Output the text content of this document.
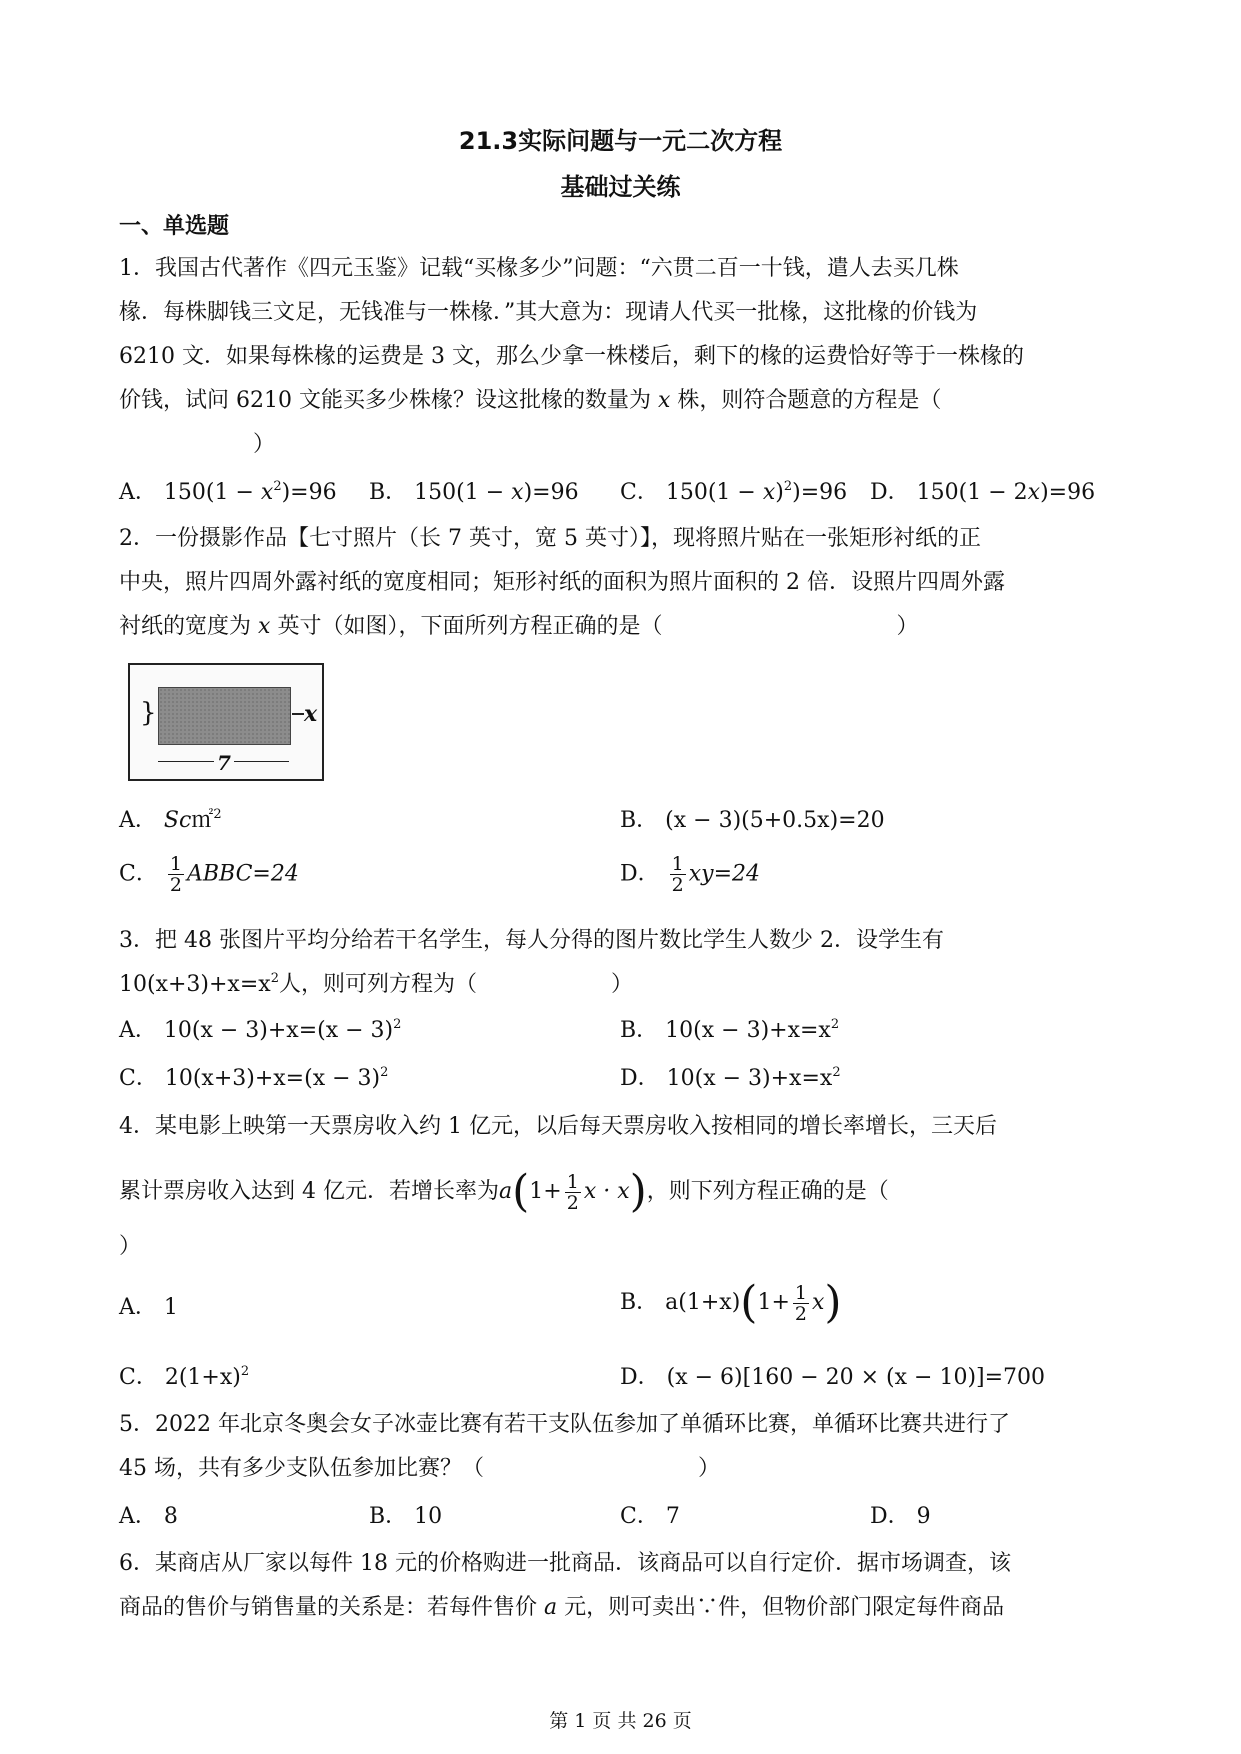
21.3实际问题与一元二次方程
基础过关练
一、单选题
1．我国古代著作《四元玉鉴》记载“买椽多少”问题：“六贯二百一十钱，遣人去买几株
椽．每株脚钱三文足，无钱准与一株椽．”其大意为：现请人代买一批椽，这批椽的价钱为
6210 文．如果每株椽的运费是 3 文，那么少拿一株楼后，剩下的椽的运费恰好等于一株椽的
价钱，试问 6210 文能买多少株椽？设这批椽的数量为 x 株，则符合题意的方程是（
）
A． $150(1 - x^2)=96$ B． 150(1 − x)=96 C． $150(1 - x)^2)=96$ D． 150(1 − 2x)=96
2．一份摄影作品【七寸照片（长 7 英寸，宽 5 英寸）】，现将照片贴在一张矩形衬纸的正
中央，照片四周外露衬纸的宽度相同；矩形衬纸的面积为照片面积的 2 倍．设照片四周外露
衬纸的宽度为 x 英寸（如图），下面所列方程正确的是（	）
}	x
7
A． Sc㎡$^2$	B． (x − 3)(5+0.5x)=20
C． $\frac{1}{2}$ ABBC=24	D． $\frac{1}{2} xy=24$
3．把 48 张图片平均分给若干名学生，每人分得的图片数比学生人数少 2．设学生有
$10(x+3)+x=x^2$人，则可列方程为（	）
A． $10(x - 3)+x=(x - 3)^2$	B． $10(x - 3)+x=x^2$
C． $10(x+3)+x=(x - 3)^2$	D． $10(x - 3)+x=x^2$
4．某电影上映第一天票房收入约 1 亿元，以后每天票房收入按相同的增长率增长，三天后
累计票房收入达到 4 亿元．若增长率为$a(1+ \frac{1}{2}$ x · x)，则下列方程正确的是（
）
A． 1	B． $a(1+x)(1+ \frac{1}{2} x)$
C． $2(1+x)^2$	D． (x − 6)[160 − 20 × (x − 10)]=700
5．2022 年北京冬奥会女子冰壶比赛有若干支队伍参加了单循环比赛，单循环比赛共进行了
45 场，共有多少支队伍参加比赛？（	）
A． 8	B． 10	C． 7	D． 9
6．某商店从厂家以每件 18 元的价格购进一批商品．该商品可以自行定价．据市场调查，该
商品的售价与销售量的关系是：若每件售价 a 元，则可卖出∵件，但物价部门限定每件商品
第 1 页 共 26 页
